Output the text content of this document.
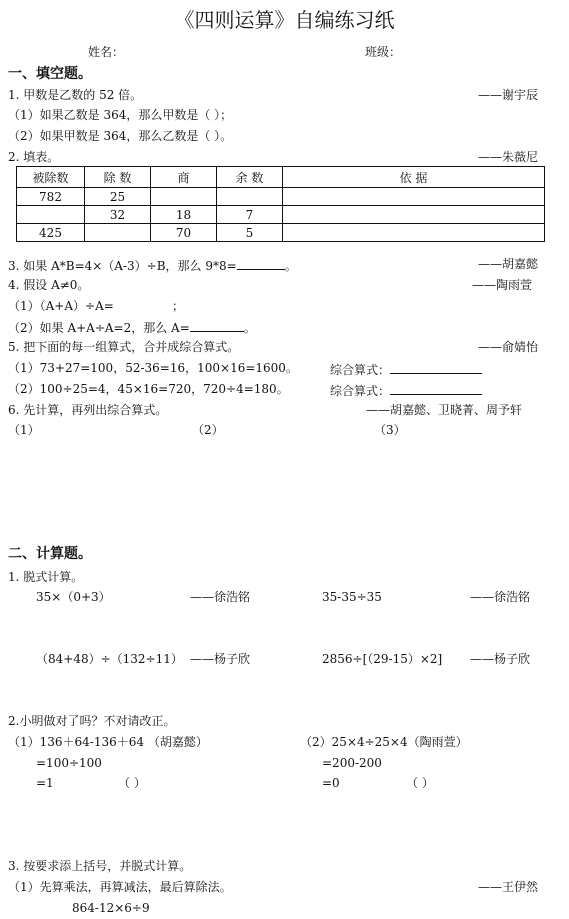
《四则运算》自编练习纸
姓名：	班级：
一、填空题。
1. 甲数是乙数的 52 倍。	——谢宇辰
（1）如果乙数是 364，那么甲数是（ ）；
（2）如果甲数是 364，那么乙数是（ ）。
2. 填表。	——朱薇尼
被除数	除 数	商	余 数	依 据
782	25			
	32	18	7	
425		70	5	
3. 如果 A*B=4×（A-3）÷B，那么 9*8=	。	——胡嘉懿
4. 假设 A≠0。	——陶雨萱
（1）（A+A）÷A=	；
（2）如果 A+A÷A=2，那么 A=	。
5. 把下面的每一组算式，合并成综合算式。	——俞婧怡
（1）73+27=100，52-36=16，100×16=1600。	综合算式：
（2）100÷25=4，45×16=720，720÷4=180。	综合算式：
6. 先计算，再列出综合算式。	——胡嘉懿、卫晓菁、周予轩
（1）	（2）	（3）
二、计算题。
1. 脱式计算。
35×（0+3）	——徐浩铭	35-35÷35	——徐浩铭
（84+48）÷（132÷11） ——杨子欣	2856÷[（29-15）×2] ——杨子欣
2.小明做对了吗？不对请改正。
（1）136＋64-136＋64 （胡嘉懿）
=100÷100
=1	（ ）
（2）25×4÷25×4（陶雨萱）
=200-200
=0	（ ）
3. 按要求添上括号，并脱式计算。
（1）先算乘法，再算减法，最后算除法。	——王伊然
864-12×6÷9
